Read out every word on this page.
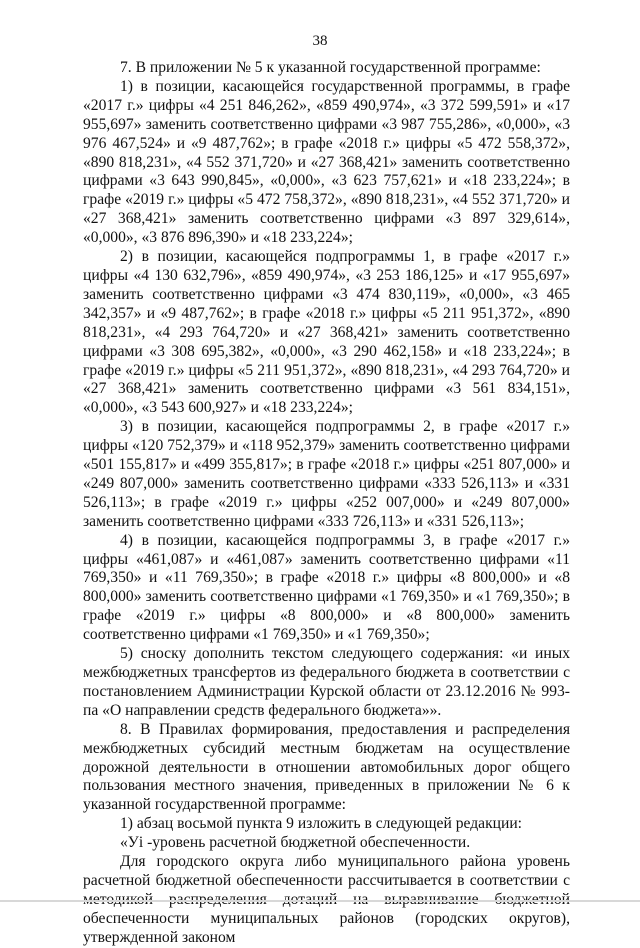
38

7. В приложении № 5 к указанной государственной программе:

1) в позиции, касающейся государственной программы, в графе «2017 г.» цифры «4 251 846,262», «859 490,974», «3 372 599,591» и «17 955,697» заменить соответственно цифрами «3 987 755,286», «0,000», «3 976 467,524» и «9 487,762»; в графе «2018 г.» цифры «5 472 558,372», «890 818,231», «4 552 371,720» и «27 368,421» заменить соответственно цифрами «3 643 990,845», «0,000», «3 623 757,621» и «18 233,224»; в графе «2019 г.» цифры «5 472 758,372», «890 818,231», «4 552 371,720» и «27 368,421» заменить соответственно цифрами «3 897 329,614», «0,000», «3 876 896,390» и «18 233,224»;

2) в позиции, касающейся подпрограммы 1, в графе «2017 г.» цифры «4 130 632,796», «859 490,974», «3 253 186,125» и «17 955,697» заменить соответственно цифрами «3 474 830,119», «0,000», «3 465 342,357» и «9 487,762»; в графе «2018 г.» цифры «5 211 951,372», «890 818,231», «4 293 764,720» и «27 368,421» заменить соответственно цифрами «3 308 695,382», «0,000», «3 290 462,158» и «18 233,224»; в графе «2019 г.» цифры «5 211 951,372», «890 818,231», «4 293 764,720» и «27 368,421» заменить соответственно цифрами «3 561 834,151», «0,000», «3 543 600,927» и «18 233,224»;

3) в позиции, касающейся подпрограммы 2, в графе «2017 г.» цифры «120 752,379» и «118 952,379» заменить соответственно цифрами «501 155,817» и «499 355,817»; в графе «2018 г.» цифры «251 807,000» и «249 807,000» заменить соответственно цифрами «333 526,113» и «331 526,113»; в графе «2019 г.» цифры «252 007,000» и «249 807,000» заменить соответственно цифрами «333 726,113» и «331 526,113»;

4) в позиции, касающейся подпрограммы 3, в графе «2017 г.» цифры «461,087» и «461,087» заменить соответственно цифрами «11 769,350» и «11 769,350»; в графе «2018 г.» цифры «8 800,000» и «8 800,000» заменить соответственно цифрами «1 769,350» и «1 769,350»; в графе «2019 г.» цифры «8 800,000» и «8 800,000» заменить соответственно цифрами «1 769,350» и «1 769,350»;

5) сноску дополнить текстом следующего содержания: «и иных межбюджетных трансфертов из федерального бюджета в соответствии с постановлением Администрации Курской области от 23.12.2016 № 993-па «О направлении средств федерального бюджета»».

8. В Правилах формирования, предоставления и распределения межбюджетных субсидий местным бюджетам на осуществление дорожной деятельности в отношении автомобильных дорог общего пользования местного значения, приведенных в приложении № 6 к указанной государственной программе:

1) абзац восьмой пункта 9 изложить в следующей редакции:

«Уi -уровень расчетной бюджетной обеспеченности.

Для городского округа либо муниципального района уровень расчетной бюджетной обеспеченности рассчитывается в соответствии с обеспеченности муниципальных районов (городских округов), утвержденной законом
